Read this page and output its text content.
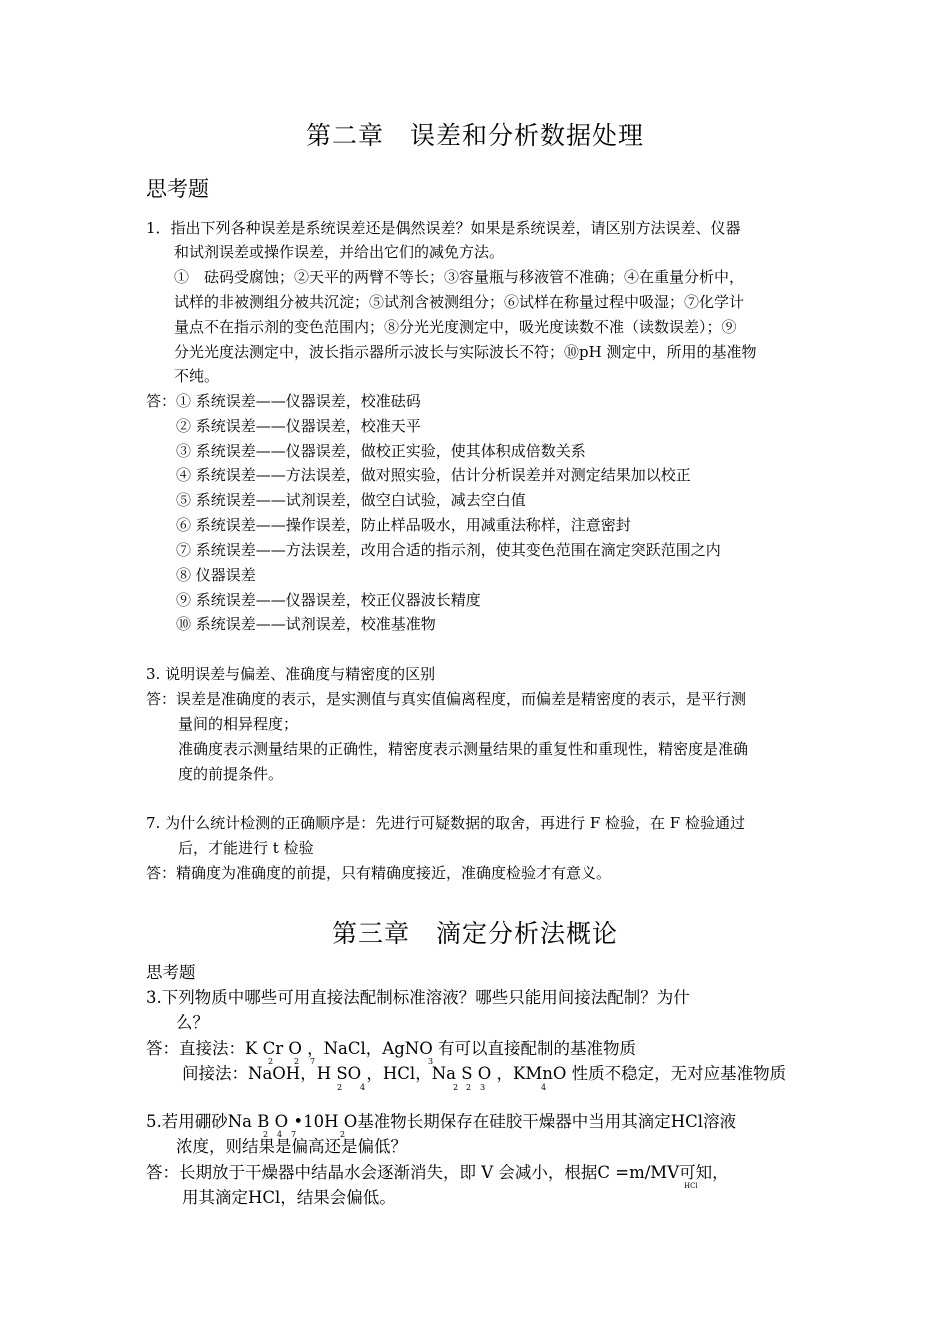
第二章　误差和分析数据处理
思考题
1．指出下列各种误差是系统误差还是偶然误差？如果是系统误差，请区别方法误差、仪器
和试剂误差或操作误差，并给出它们的减免方法。
①　砝码受腐蚀；②天平的两臂不等长；③容量瓶与移液管不准确；④在重量分析中，
试样的非被测组分被共沉淀；⑤试剂含被测组分；⑥试样在称量过程中吸湿；⑦化学计
量点不在指示剂的变色范围内；⑧分光光度测定中，吸光度读数不准（读数误差）；⑨
分光光度法测定中，波长指示器所示波长与实际波长不符；⑩pH 测定中，所用的基准物
不纯。
答： ① 系统误差——仪器误差，校准砝码
② 系统误差——仪器误差，校准天平
③ 系统误差——仪器误差，做校正实验，使其体积成倍数关系
④ 系统误差——方法误差，做对照实验，估计分析误差并对测定结果加以校正
⑤ 系统误差——试剂误差，做空白试验，减去空白值
⑥ 系统误差——操作误差，防止样品吸水，用减重法称样，注意密封
⑦ 系统误差——方法误差，改用合适的指示剂，使其变色范围在滴定突跃范围之内
⑧ 仪器误差
⑨ 系统误差——仪器误差，校正仪器波长精度
⑩ 系统误差——试剂误差，校准基准物
3. 说明误差与偏差、准确度与精密度的区别
答：误差是准确度的表示，是实测值与真实值偏离程度，而偏差是精密度的表示，是平行测
量间的相异程度；
准确度表示测量结果的正确性，精密度表示测量结果的重复性和重现性，精密度是准确
度的前提条件。
7. 为什么统计检测的正确顺序是：先进行可疑数据的取舍，再进行 F 检验，在 F 检验通过
后，才能进行 t 检验
答：精确度为准确度的前提，只有精确度接近，准确度检验才有意义。
第三章　滴定分析法概论
思考题
3.下列物质中哪些可用直接法配制标准溶液？哪些只能用间接法配制？为什
么？
答：直接法：K Cr O ，NaCl，AgNO 有可以直接配制的基准物质
间接法：NaOH，H SO ，HCl，Na S O ，KMnO 性质不稳定，无对应基准物质
2	2 7	3
2 4	2 2 3	4
5.若用硼砂Na B O •10H O基准物长期保存在硅胶干燥器中当用其滴定HCl溶液
浓度，则结果是偏高还是偏低？
2 4 7	2
答：长期放于干燥器中结晶水会逐渐消失，即 V 会减小，根据C =m/MV可知，
用其滴定HCl，结果会偏低。
HCl
